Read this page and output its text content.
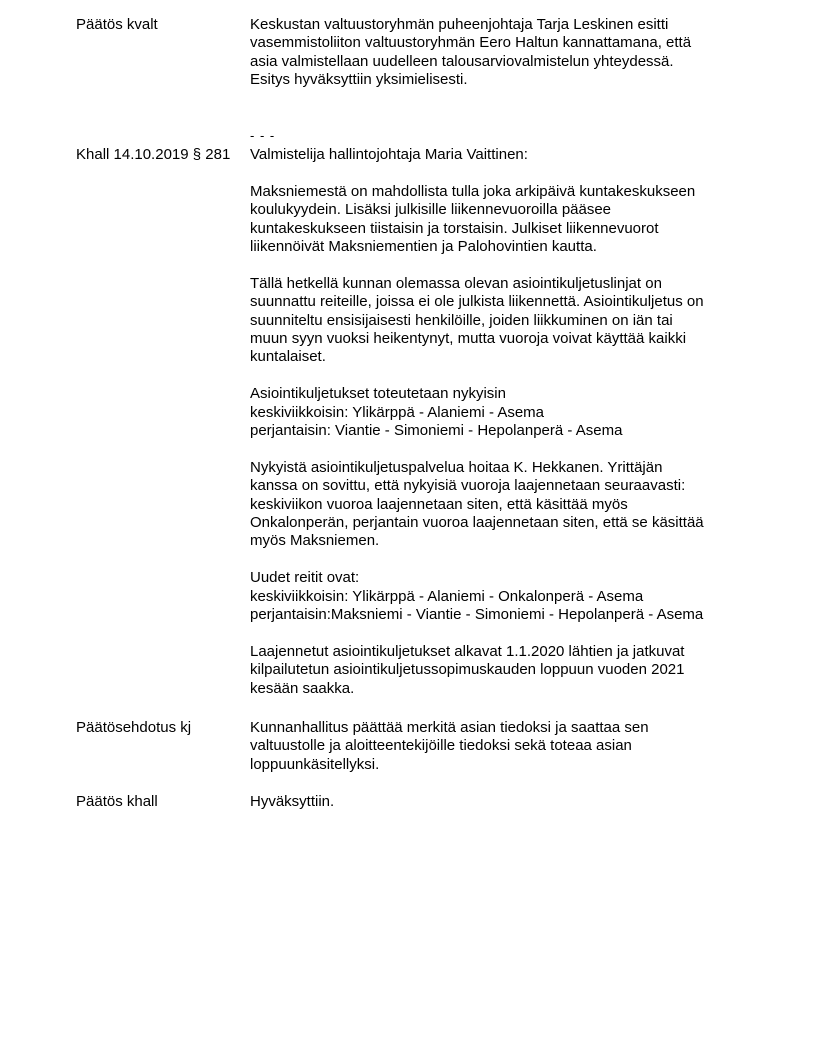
Päätös kvalt	Keskustan valtuustoryhmän puheenjohtaja Tarja Leskinen esitti

vasemmistoliiton valtuustoryhmän Eero Haltun kannattamana, että

asia valmistellaan uudelleen talousarviovalmistelun yhteydessä.

Esitys hyväksyttiin yksimielisesti.

- - -

Khall 14.10.2019 § 281	Valmistelija hallintojohtaja Maria Vaittinen:

Maksniemestä on mahdollista tulla joka arkipäivä kuntakeskukseen

koulukyydein. Lisäksi julkisille liikennevuoroilla pääsee

kuntakeskukseen tiistaisin ja torstaisin. Julkiset liikennevuorot

liikennöivät Maksniementien ja Palohovintien kautta.

Tällä hetkellä kunnan olemassa olevan asiointikuljetuslinjat on

suunnattu reiteille, joissa ei ole julkista liikennettä. Asiointikuljetus on

suunniteltu ensisijaisesti henkilöille, joiden liikkuminen on iän tai

muun syyn vuoksi heikentynyt, mutta vuoroja voivat käyttää kaikki

kuntalaiset.

Asiointikuljetukset toteutetaan nykyisin

keskiviikkoisin: Ylikärppä - Alaniemi - Asema

perjantaisin: Viantie - Simoniemi - Hepolanperä - Asema

Nykyistä asiointikuljetuspalvelua hoitaa K. Hekkanen. Yrittäjän

kanssa on sovittu, että nykyisiä vuoroja laajennetaan seuraavasti:

keskiviikon vuoroa laajennetaan siten, että käsittää myös

Onkalonperän, perjantain vuoroa laajennetaan siten, että se käsittää

myös Maksniemen.

Uudet reitit ovat:

keskiviikkoisin: Ylikärppä - Alaniemi - Onkalonperä - Asema

perjantaisin:Maksniemi - Viantie - Simoniemi - Hepolanperä - Asema

Laajennetut asiointikuljetukset alkavat 1.1.2020 lähtien ja jatkuvat

kilpailutetun asiointikuljetussopimuskauden loppuun vuoden 2021

kesään saakka.

Päätösehdotus kj	Kunnanhallitus päättää merkitä asian tiedoksi ja saattaa sen

valtuustolle ja aloitteentekijöille tiedoksi sekä toteaa asian

loppuunkäsitellyksi.

Päätös khall	Hyväksyttiin.
